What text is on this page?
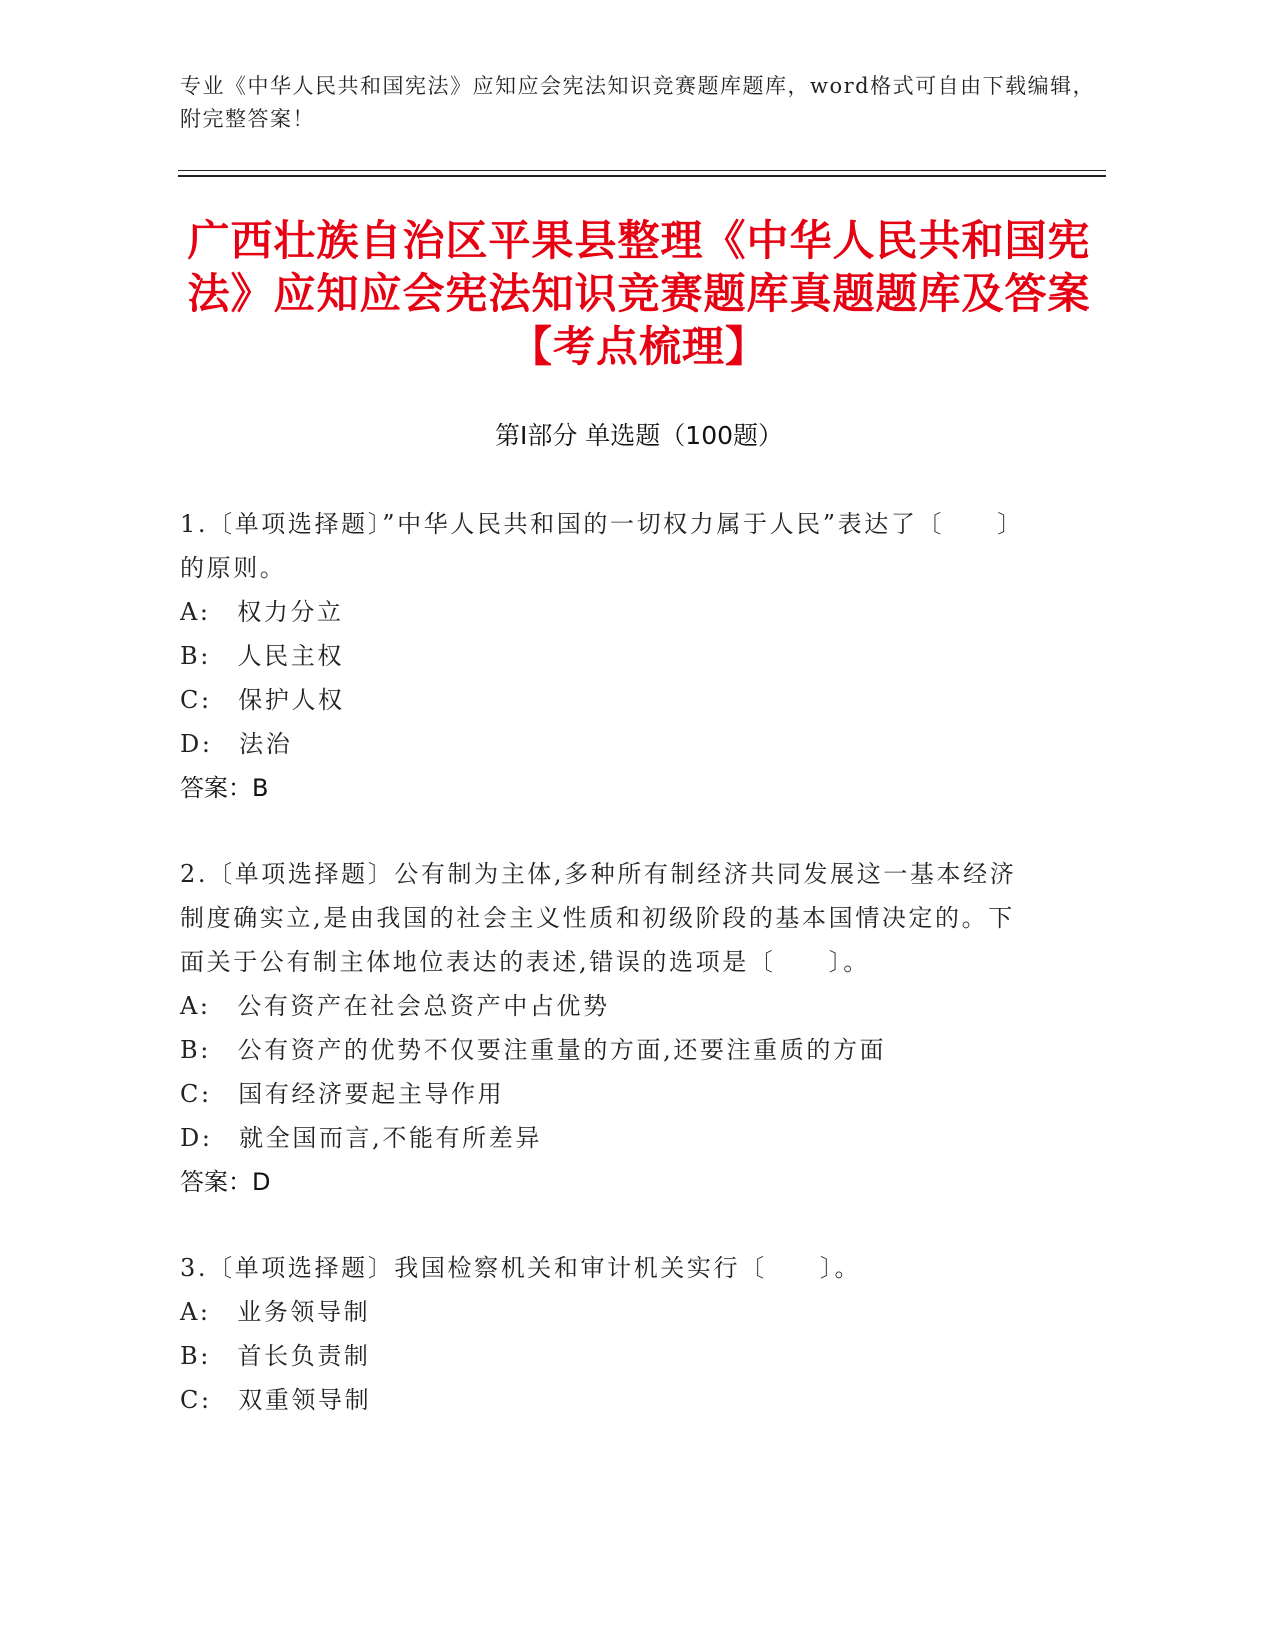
专业《中华人民共和国宪法》应知应会宪法知识竞赛题库题库，word格式可自由下载编辑，附完整答案！
广西壮族自治区平果县整理《中华人民共和国宪法》应知应会宪法知识竞赛题库真题题库及答案【考点梳理】
第Ⅰ部分 单选题（100题）

1.〔单项选择题〕”中华人民共和国的一切权力属于人民”表达了〔　　〕的原则。

A:　权力分立

B:　人民主权

C:　保护人权

D:　法治

答案：B

2.〔单项选择题〕公有制为主体,多种所有制经济共同发展这一基本经济制度确实立,是由我国的社会主义性质和初级阶段的基本国情决定的。下面关于公有制主体地位表达的表述,错误的选项是〔　　〕。

A:　公有资产在社会总资产中占优势

B:　公有资产的优势不仅要注重量的方面,还要注重质的方面

C:　国有经济要起主导作用

D:　就全国而言,不能有所差异

答案：D

3.〔单项选择题〕我国检察机关和审计机关实行〔　　〕。

A:　业务领导制

B:　首长负责制

C:　双重领导制
